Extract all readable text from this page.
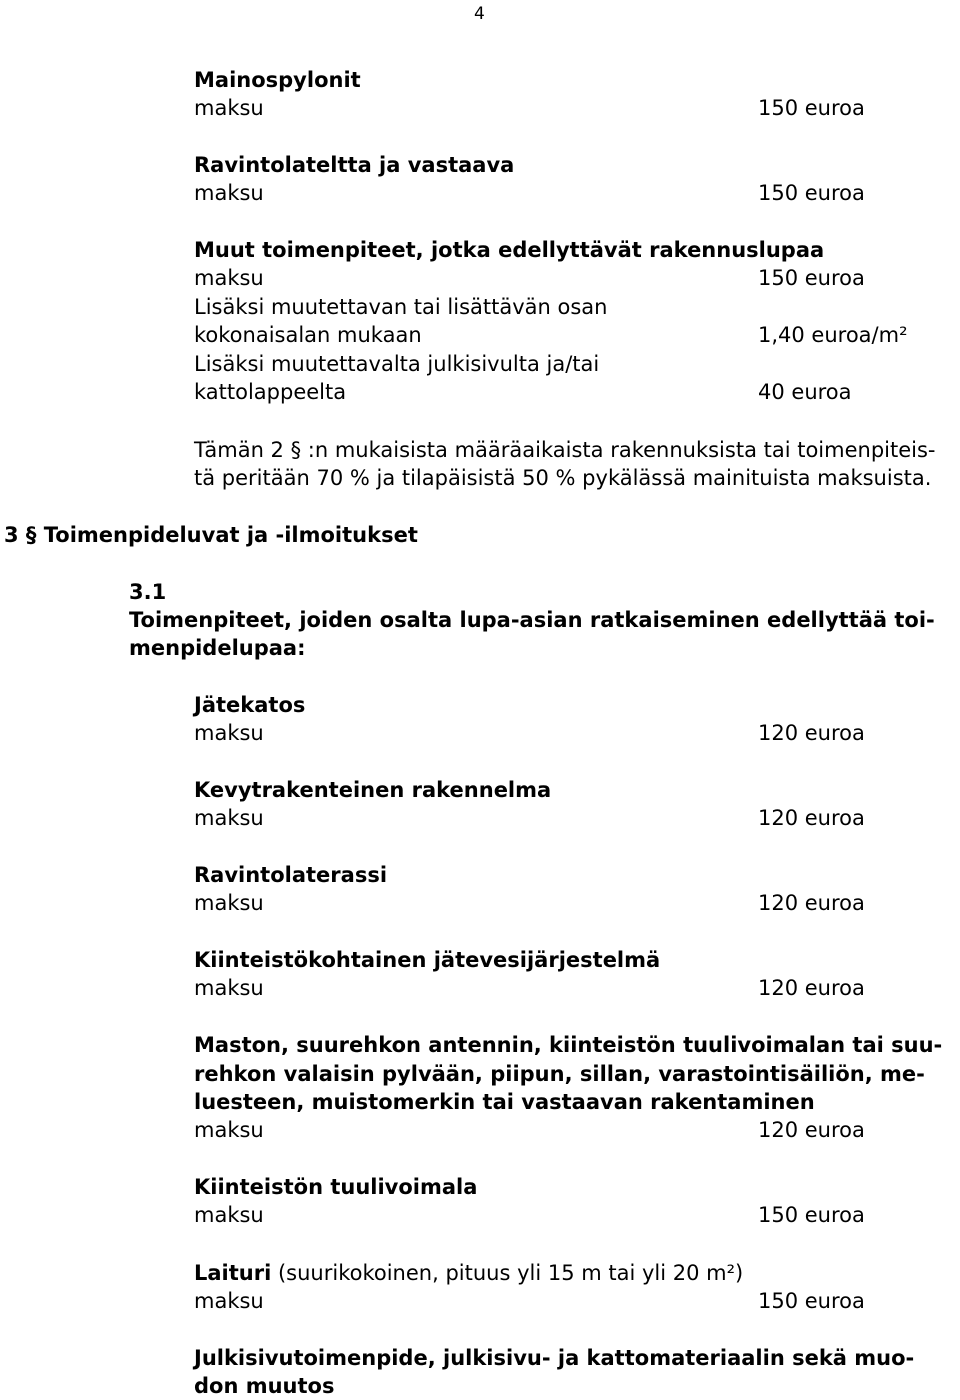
4
Mainospylonit
maksu	150 euroa
Ravintolateltta ja vastaava
maksu	150 euroa
Muut toimenpiteet, jotka edellyttävät rakennuslupaa
maksu	150 euroa
Lisäksi muutettavan tai lisättävän osan
kokonaisalan mukaan	1,40 euroa/m²
Lisäksi muutettavalta julkisivulta ja/tai
kattolappeelta	40 euroa
Tämän 2 § :n mukaisista määräaikaista rakennuksista tai toimenpiteis-
tä peritään 70 % ja tilapäisistä 50 % pykälässä mainituista maksuista.
3 § Toimenpideluvat ja -ilmoitukset
3.1
Toimenpiteet, joiden osalta lupa-asian ratkaiseminen edellyttää toi-
menpidelupaa:
Jätekatos
maksu	120 euroa
Kevytrakenteinen rakennelma
maksu	120 euroa
Ravintolaterassi
maksu	120 euroa
Kiinteistökohtainen jätevesijärjestelmä
maksu	120 euroa
Maston, suurehkon antennin, kiinteistön tuulivoimalan tai suu-
rehkon valaisin pylvään, piipun, sillan, varastointisäiliön, me-
luesteen, muistomerkin tai vastaavan rakentaminen
maksu	120 euroa
Kiinteistön tuulivoimala
maksu	150 euroa
Laituri (suurikokoinen, pituus yli 15 m tai yli 20 m²)
maksu	150 euroa
Julkisivutoimenpide, julkisivu- ja kattomateriaalin sekä muo-
don muutos
